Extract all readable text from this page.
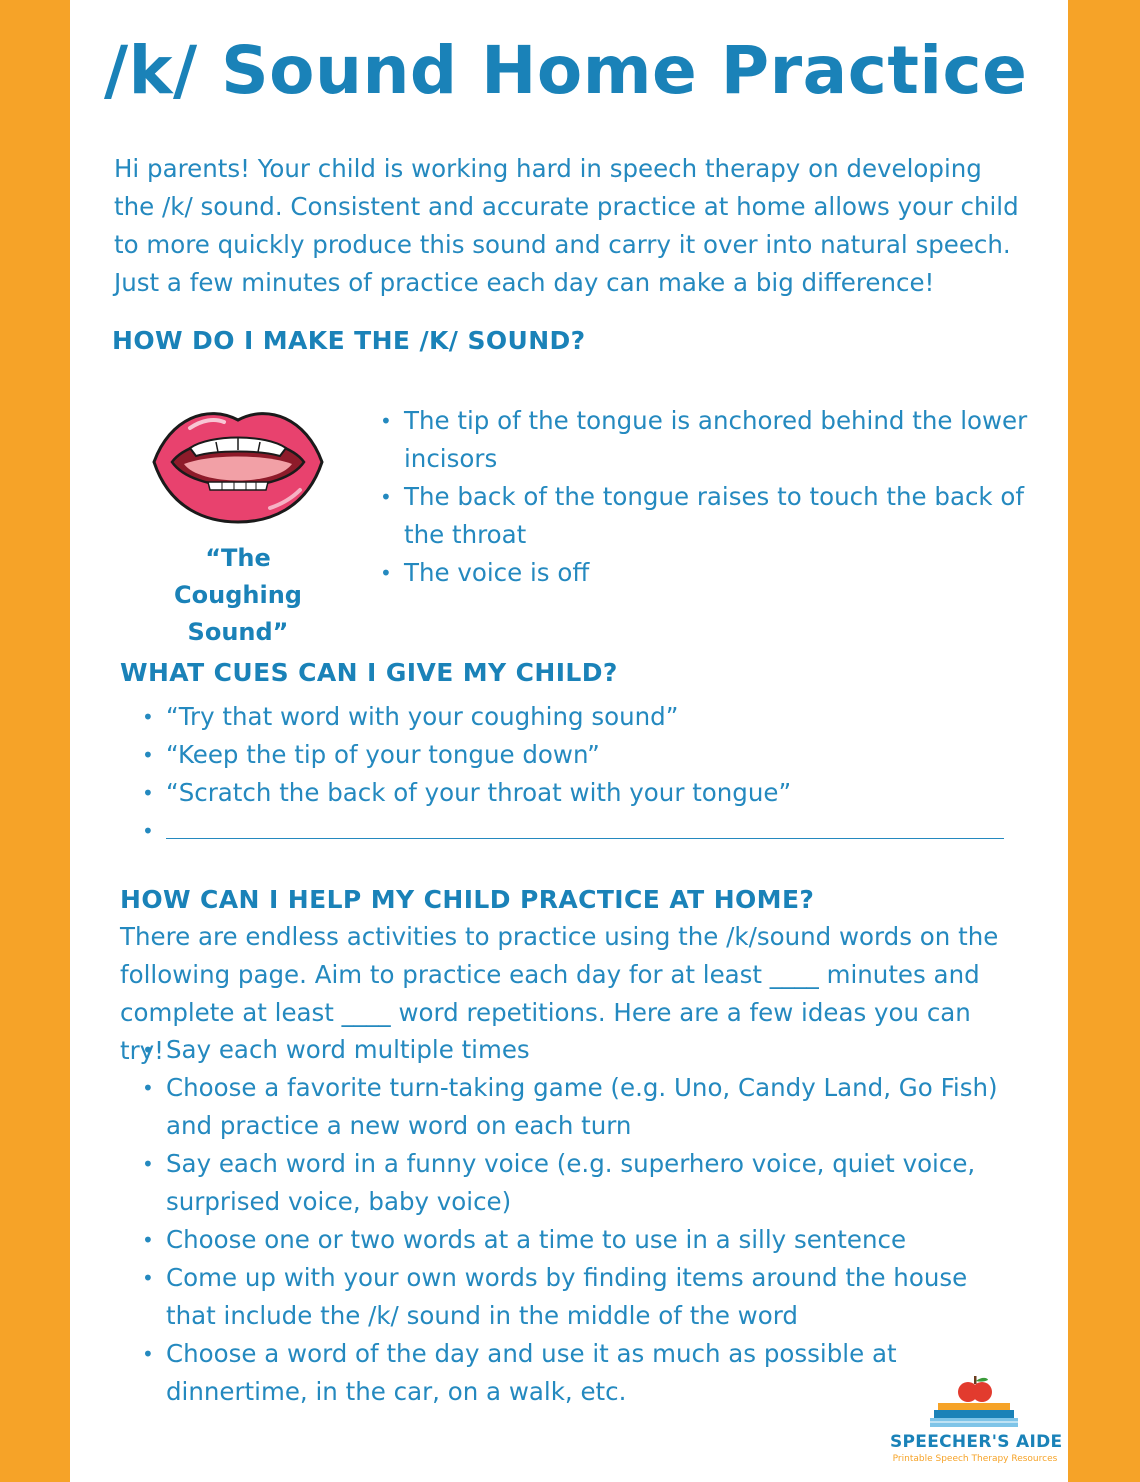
/k/ Sound Home Practice
Hi parents! Your child is working hard in speech therapy on developing the /k/ sound. Consistent and accurate practice at home allows your child to more quickly produce this sound and carry it over into natural speech. Just a few minutes of practice each day can make a big difference!
HOW DO I MAKE THE /K/ SOUND?
“The Coughing Sound”
• The tip of the tongue is anchored behind the lower incisors
• The back of the tongue raises to touch the back of the throat
• The voice is off
WHAT CUES CAN I GIVE MY CHILD?
• “Try that word with your coughing sound”
• “Keep the tip of your tongue down”
• “Scratch the back of your throat with your tongue”
•
HOW CAN I HELP MY CHILD PRACTICE AT HOME?
There are endless activities to practice using the /k/sound words on the following page. Aim to practice each day for at least ____ minutes and complete at least ____ word repetitions. Here are a few ideas you can try!
• Say each word multiple times
• Choose a favorite turn-taking game (e.g. Uno, Candy Land, Go Fish) and practice a new word on each turn
• Say each word in a funny voice (e.g. superhero voice, quiet voice, surprised voice, baby voice)
• Choose one or two words at a time to use in a silly sentence
• Come up with your own words by finding items around the house that include the /k/ sound in the middle of the word
• Choose a word of the day and use it as much as possible at dinnertime, in the car, on a walk, etc.
SPEECHER'S AIDE
Printable Speech Therapy Resources
